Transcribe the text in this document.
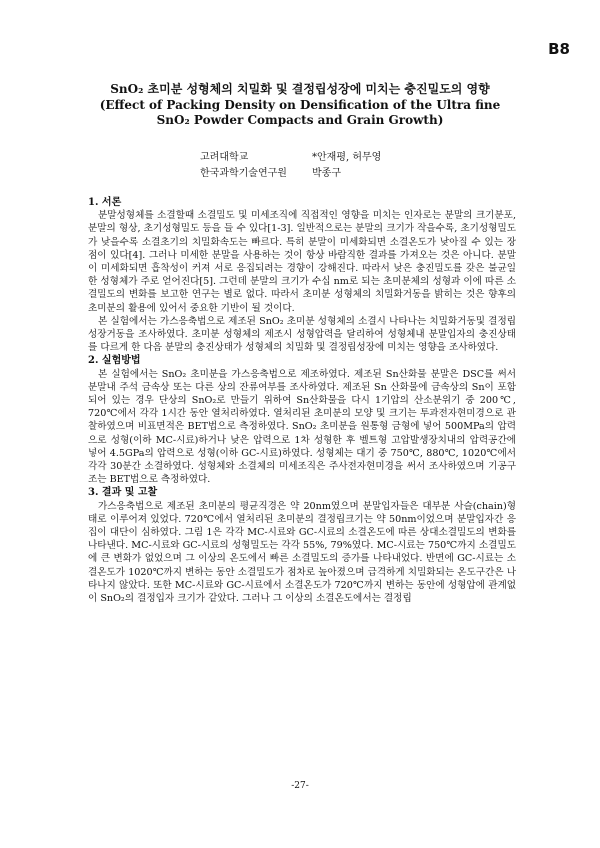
B8
SnO₂ 초미분 성형체의 치밀화 및 결정립성장에 미치는 충진밀도의 영향
(Effect of Packing Density on Densification of the Ultra fine
SnO₂ Powder Compacts and Grain Growth)
고려대학교	*안재평, 허무영
한국과학기술연구원	박종구
1. 서론

분말성형체를 소결할때 소결밀도 및 미세조직에 직접적인 영향을 미치는 인자로는 분말의 크기분포, 분말의 형상, 초기성형밀도 등을 들 수 있다[1-3]. 일반적으로는 분말의 크기가 작을수록, 초기성형밀도가 낮을수록 소결초기의 치밀화속도는 빠르다. 특히 분말이 미세화되면 소결온도가 낮아질 수 있는 장점이 있다[4]. 그러나 미세한 분말을 사용하는 것이 항상 바람직한 결과를 가져오는 것은 아니다. 분말이 미세화되면 흡착성이 커져 서로 응집되려는 경향이 강해진다. 따라서 낮은 충진밀도를 갖은 불균일한 성형체가 주로 얻어진다[5]. 그런데 분말의 크기가 수십 nm로 되는 초미분체의 성형과 이에 따른 소결밀도의 변화를 보고한 연구는 별로 없다. 따라서 초미분 성형체의 치밀화거동을 밝히는 것은 향후의 초미분의 활용에 있어서 중요한 기반이 될 것이다.

본 실험에서는 가스응축법으로 제조된 SnO₂ 초미분 성형체의 소결시 나타나는 치밀화거동및 결정립성장거동을 조사하였다. 초미분 성형체의 제조시 성형압력을 달리하여 성형체내 분말입자의 충진상태를 다르게 한 다음 분말의 충진상태가 성형체의 치밀화 및 결정립성장에 미치는 영향을 조사하였다.

2. 실험방법

본 실험에서는 SnO₂ 초미분을 가스응축법으로 제조하였다. 제조된 Sn산화물 분말은 DSC를 써서 분말내 주석 금속상 또는 다른 상의 잔류여부를 조사하였다. 제조된 Sn 산화물에 금속상의 Sn이 포함되어 있는 경우 단상의 SnO₂로 만들기 위하여 Sn산화물을 다시 1기압의 산소분위기 중 200℃, 720℃에서 각각 1시간 동안 열처리하였다. 열처리된 초미분의 모양 및 크기는 투과전자현미경으로 관찰하였으며 비표면적은 BET법으로 측정하였다. SnO₂ 초미분을 원통형 금형에 넣어 500MPa의 압력으로 성형(이하 MC-시료)하거나 낮은 압력으로 1차 성형한 후 벨트형 고압발생장치내의 압력공간에 넣어 4.5GPa의 압력으로 성형(이하 GC-시료)하였다. 성형체는 대기 중 750℃, 880℃, 1020℃에서 각각 30분간 소결하였다. 성형체와 소결체의 미세조직은 주사전자현미경을 써서 조사하였으며 기공구조는 BET법으로 측정하였다.

3. 결과 및 고찰

가스응축법으로 제조된 초미분의 평균직경은 약 20nm였으며 분말입자들은 대부분 사슬(chain)형태로 이루어져 있었다. 720℃에서 열처리된 초미분의 결정립크기는 약 50nm이었으며 분말입자간 응집이 대단이 심하였다. 그림 1은 각각 MC-시료와 GC-시료의 소결온도에 따른 상대소결밀도의 변화를 나타낸다. MC-시료와 GC-시료의 성형밀도는 각각 55%, 79%였다. MC-시료는 750℃까지 소결밀도에 큰 변화가 없었으며 그 이상의 온도에서 빠른 소결밀도의 증가를 나타내었다. 반면에 GC-시료는 소결온도가 1020℃까지 변하는 동안 소결밀도가 점차로 높아졌으며 급격하게 치밀화되는 온도구간은 나타나지 않았다. 또한 MC-시료와 GC-시료에서 소결온도가 720℃까지 변하는 동안에 성형압에 관계없이 SnO₂의 결정입자 크기가 같았다. 그러나 그 이상의 소결온도에서는 결정립

-27-
